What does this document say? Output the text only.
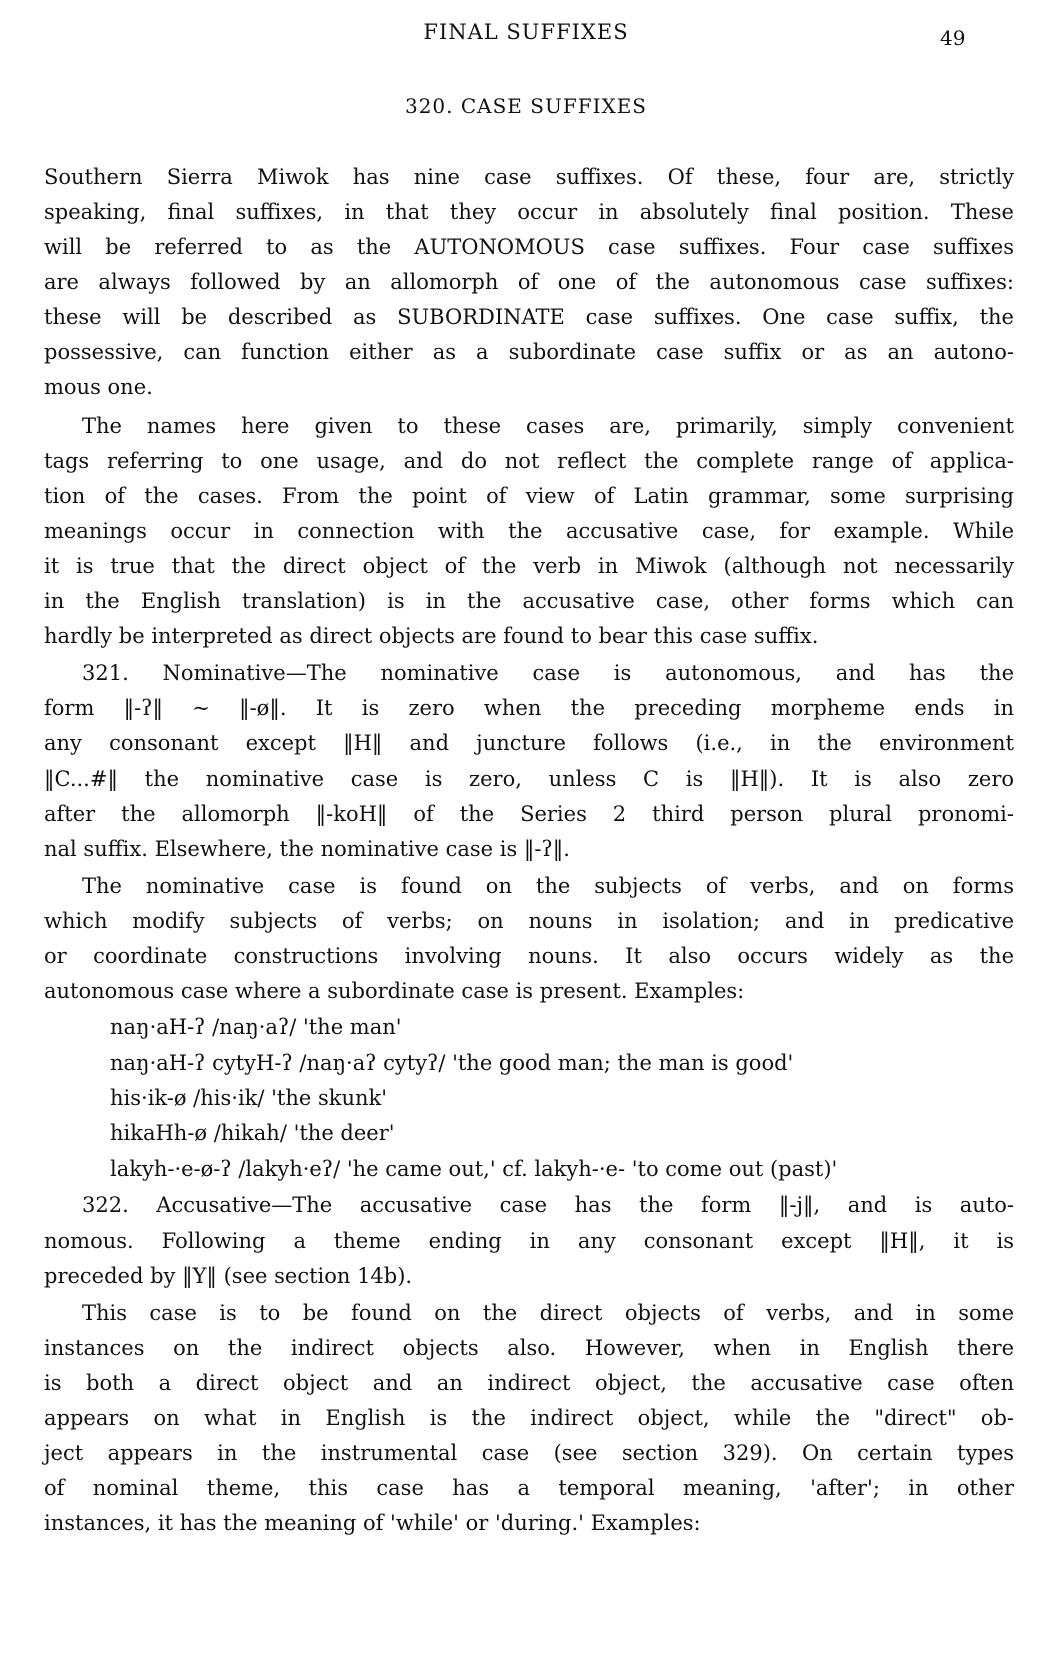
FINAL SUFFIXES	49
320. CASE SUFFIXES
Southern Sierra Miwok has nine case suffixes. Of these, four are, strictly
speaking, final suffixes, in that they occur in absolutely final position. These
will be referred to as the AUTONOMOUS case suffixes. Four case suffixes
are always followed by an allomorph of one of the autonomous case suffixes:
these will be described as SUBORDINATE case suffixes. One case suffix, the
possessive, can function either as a subordinate case suffix or as an autono-
mous one.
The names here given to these cases are, primarily, simply convenient
tags referring to one usage, and do not reflect the complete range of applica-
tion of the cases. From the point of view of Latin grammar, some surprising
meanings occur in connection with the accusative case, for example. While
it is true that the direct object of the verb in Miwok (although not necessarily
in the English translation) is in the accusative case, other forms which can
hardly be interpreted as direct objects are found to bear this case suffix.
321. Nominative—The nominative case is autonomous, and has the
form ‖-ʔ‖ ~ ‖-ø‖. It is zero when the preceding morpheme ends in
any consonant except ‖H‖ and juncture follows (i.e., in the environment
‖C...#‖ the nominative case is zero, unless C is ‖H‖). It is also zero
after the allomorph ‖-koH‖ of the Series 2 third person plural pronomi-
nal suffix. Elsewhere, the nominative case is ‖-ʔ‖.
The nominative case is found on the subjects of verbs, and on forms
which modify subjects of verbs; on nouns in isolation; and in predicative
or coordinate constructions involving nouns. It also occurs widely as the
autonomous case where a subordinate case is present. Examples:
naŋ·aH-ʔ /naŋ·aʔ/ 'the man'
naŋ·aH-ʔ cytyH-ʔ /naŋ·aʔ cytyʔ/ 'the good man; the man is good'
his·ik-ø /his·ik/ 'the skunk'
hikaHh-ø /hikah/ 'the deer'
lakyh-·e-ø-ʔ /lakyh·eʔ/ 'he came out,' cf. lakyh-·e- 'to come out (past)'
322. Accusative—The accusative case has the form ‖-j‖, and is auto-
nomous. Following a theme ending in any consonant except ‖H‖, it is
preceded by ‖Y‖ (see section 14b).
This case is to be found on the direct objects of verbs, and in some
instances on the indirect objects also. However, when in English there
is both a direct object and an indirect object, the accusative case often
appears on what in English is the indirect object, while the "direct" ob-
ject appears in the instrumental case (see section 329). On certain types
of nominal theme, this case has a temporal meaning, 'after'; in other
instances, it has the meaning of 'while' or 'during.' Examples:
